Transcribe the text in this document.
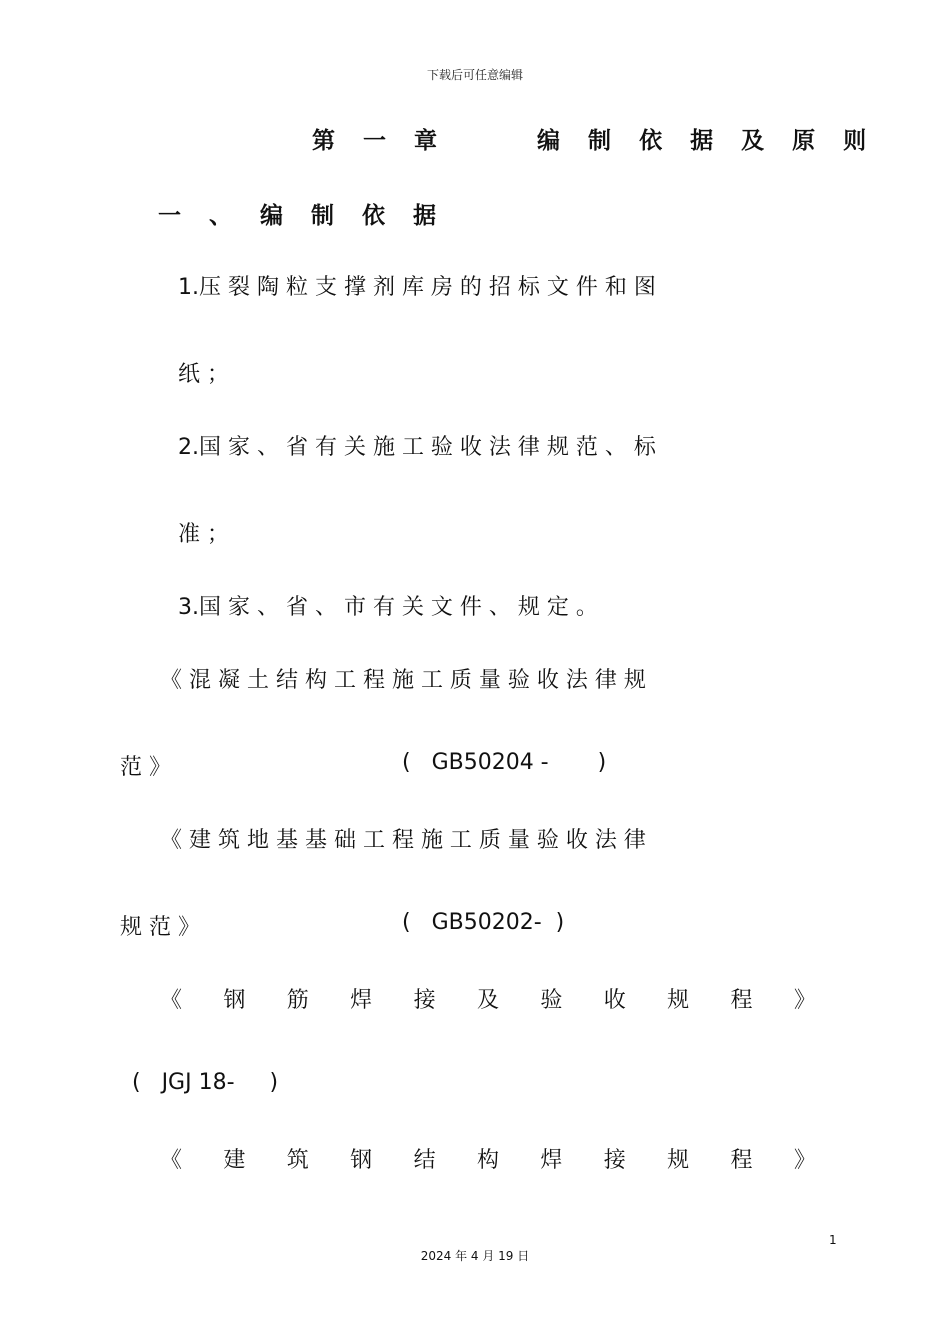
下载后可任意编辑
第 一 章     编 制 依 据 及 原 则
一 、 编 制 依 据
1.压 裂 陶 粒 支 撑 剂 库 房 的 招 标 文 件 和 图
纸 ；
2.国 家 、 省 有 关 施 工 验 收 法 律 规 范 、 标
准 ；
3.国 家 、 省 、 市 有 关 文 件 、 规 定 。
《 混 凝 土 结 构 工 程 施 工 质 量 验 收 法 律 规
范 》	(   GB50204 -       )
《 建 筑 地 基 基 础 工 程 施 工 质 量 验 收 法 律
规 范 》	(   GB50202-  )
《 钢 筋 焊 接 及 验 收 规 程 》
(   JGJ 18-     )
《 建 筑 钢 结 构 焊 接 规 程 》
1
2024 年 4 月 19 日
